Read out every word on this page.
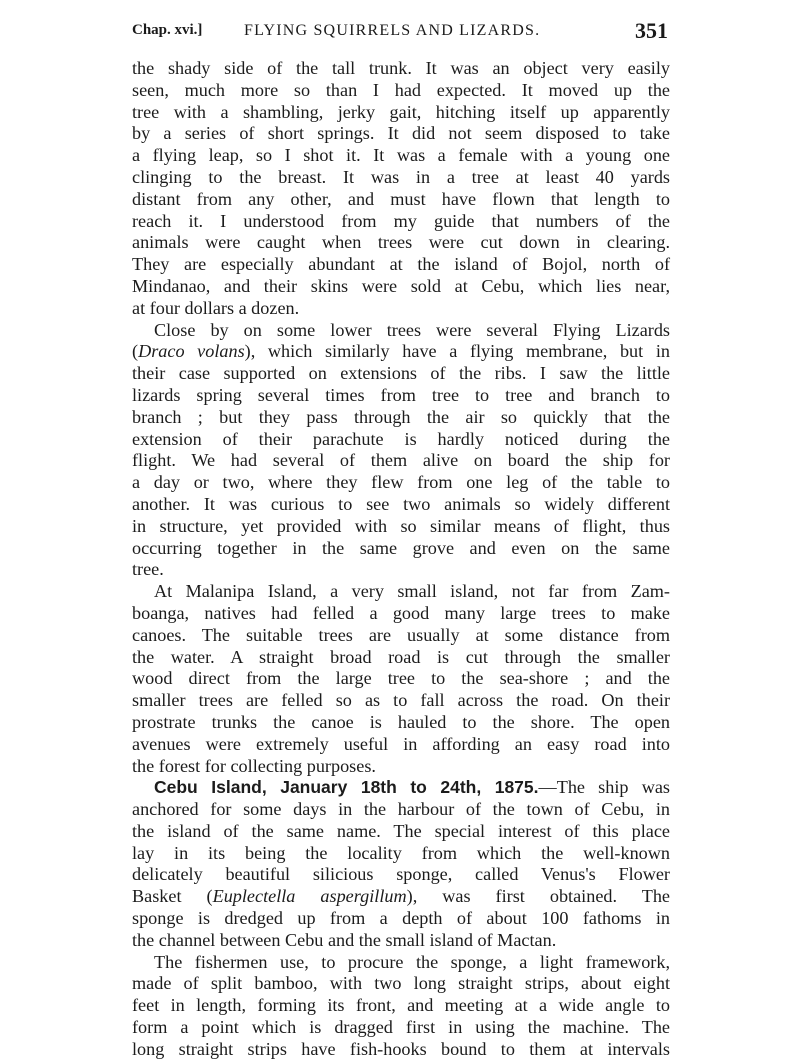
Chap. xvi.]	FLYING SQUIRRELS AND LIZARDS.	351
the shady side of the tall trunk. It was an object very easily
seen, much more so than I had expected. It moved up the
tree with a shambling, jerky gait, hitching itself up apparently
by a series of short springs. It did not seem disposed to take
a flying leap, so I shot it. It was a female with a young one
clinging to the breast. It was in a tree at least 40 yards
distant from any other, and must have flown that length to
reach it. I understood from my guide that numbers of the
animals were caught when trees were cut down in clearing.
They are especially abundant at the island of Bojol, north of
Mindanao, and their skins were sold at Cebu, which lies near,
at four dollars a dozen.
Close by on some lower trees were several Flying Lizards
(Draco volans), which similarly have a flying membrane, but in
their case supported on extensions of the ribs. I saw the little
lizards spring several times from tree to tree and branch to
branch ; but they pass through the air so quickly that the
extension of their parachute is hardly noticed during the
flight. We had several of them alive on board the ship for
a day or two, where they flew from one leg of the table to
another. It was curious to see two animals so widely different
in structure, yet provided with so similar means of flight, thus
occurring together in the same grove and even on the same
tree.
At Malanipa Island, a very small island, not far from Zam-
boanga, natives had felled a good many large trees to make
canoes. The suitable trees are usually at some distance from
the water. A straight broad road is cut through the smaller
wood direct from the large tree to the sea-shore ; and the
smaller trees are felled so as to fall across the road. On their
prostrate trunks the canoe is hauled to the shore. The open
avenues were extremely useful in affording an easy road into
the forest for collecting purposes.
Cebu Island, January 18th to 24th, 1875.—The ship was
anchored for some days in the harbour of the town of Cebu, in
the island of the same name. The special interest of this place
lay in its being the locality from which the well-known
delicately beautiful silicious sponge, called Venus's Flower
Basket (Euplectella aspergillum), was first obtained. The
sponge is dredged up from a depth of about 100 fathoms in
the channel between Cebu and the small island of Mactan.
The fishermen use, to procure the sponge, a light framework,
made of split bamboo, with two long straight strips, about eight
feet in length, forming its front, and meeting at a wide angle to
form a point which is dragged first in using the machine. The
long straight strips have fish-hooks bound to them at intervals
